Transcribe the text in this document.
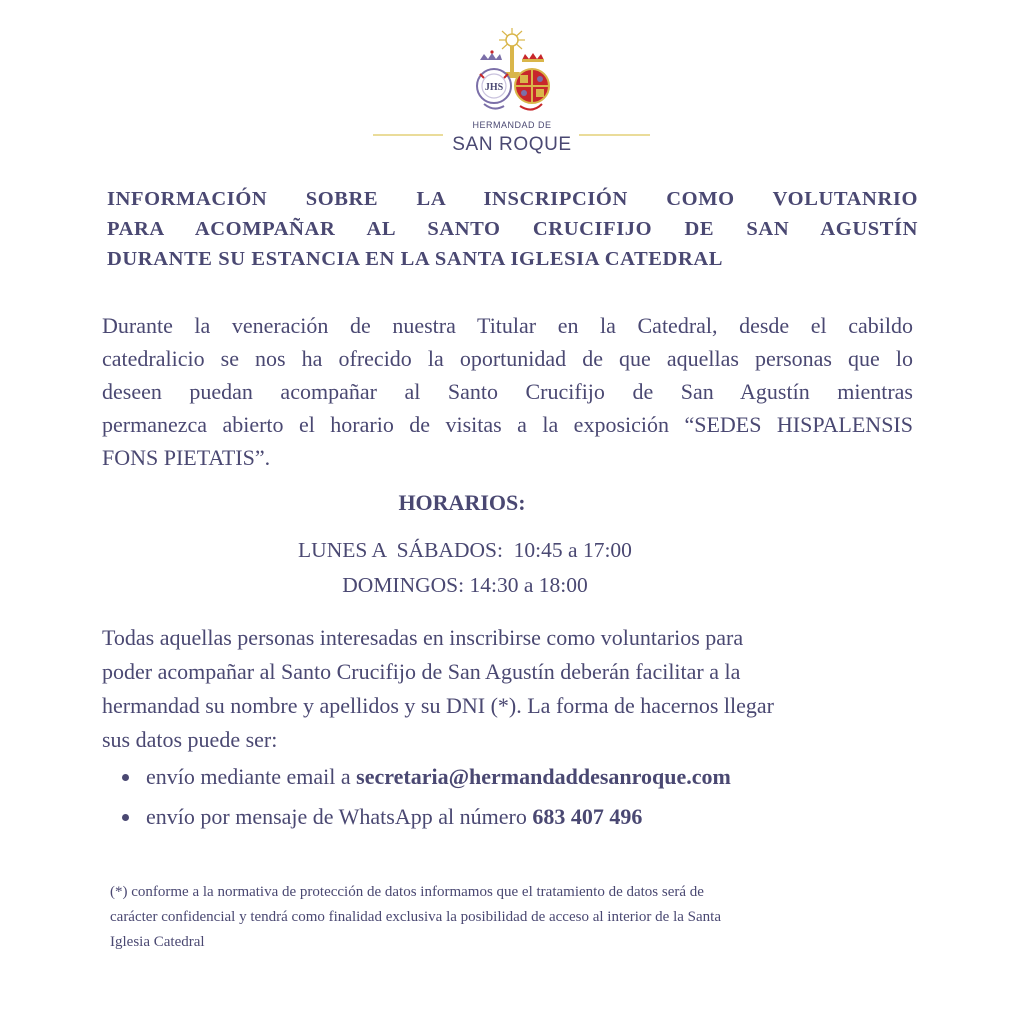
JHS
HERMANDAD DE
SAN ROQUE
INFORMACIÓN SOBRE LA INSCRIPCIÓN COMO VOLUTANRIO
PARA ACOMPAÑAR AL SANTO CRUCIFIJO DE SAN AGUSTÍN
DURANTE SU ESTANCIA EN LA SANTA IGLESIA CATEDRAL
Durante la veneración de nuestra Titular en la Catedral, desde el cabildo
catedralicio se nos ha ofrecido la oportunidad de que aquellas personas que lo
deseen puedan acompañar al Santo Crucifijo de San Agustín mientras
permanezca abierto el horario de visitas a la exposición “SEDES HISPALENSIS
FONS PIETATIS”.
HORARIOS:
LUNES A  SÁBADOS:  10:45 a 17:00
DOMINGOS: 14:30 a 18:00
Todas aquellas personas interesadas en inscribirse como voluntarios para
poder acompañar al Santo Crucifijo de San Agustín deberán facilitar a la
hermandad su nombre y apellidos y su DNI (*). La forma de hacernos llegar
sus datos puede ser:
envío mediante email a secretaria@hermandaddesanroque.com
envío por mensaje de WhatsApp al número 683 407 496
(*) conforme a la normativa de protección de datos informamos que el tratamiento de datos será de
carácter confidencial y tendrá como finalidad exclusiva la posibilidad de acceso al interior de la Santa
Iglesia Catedral
